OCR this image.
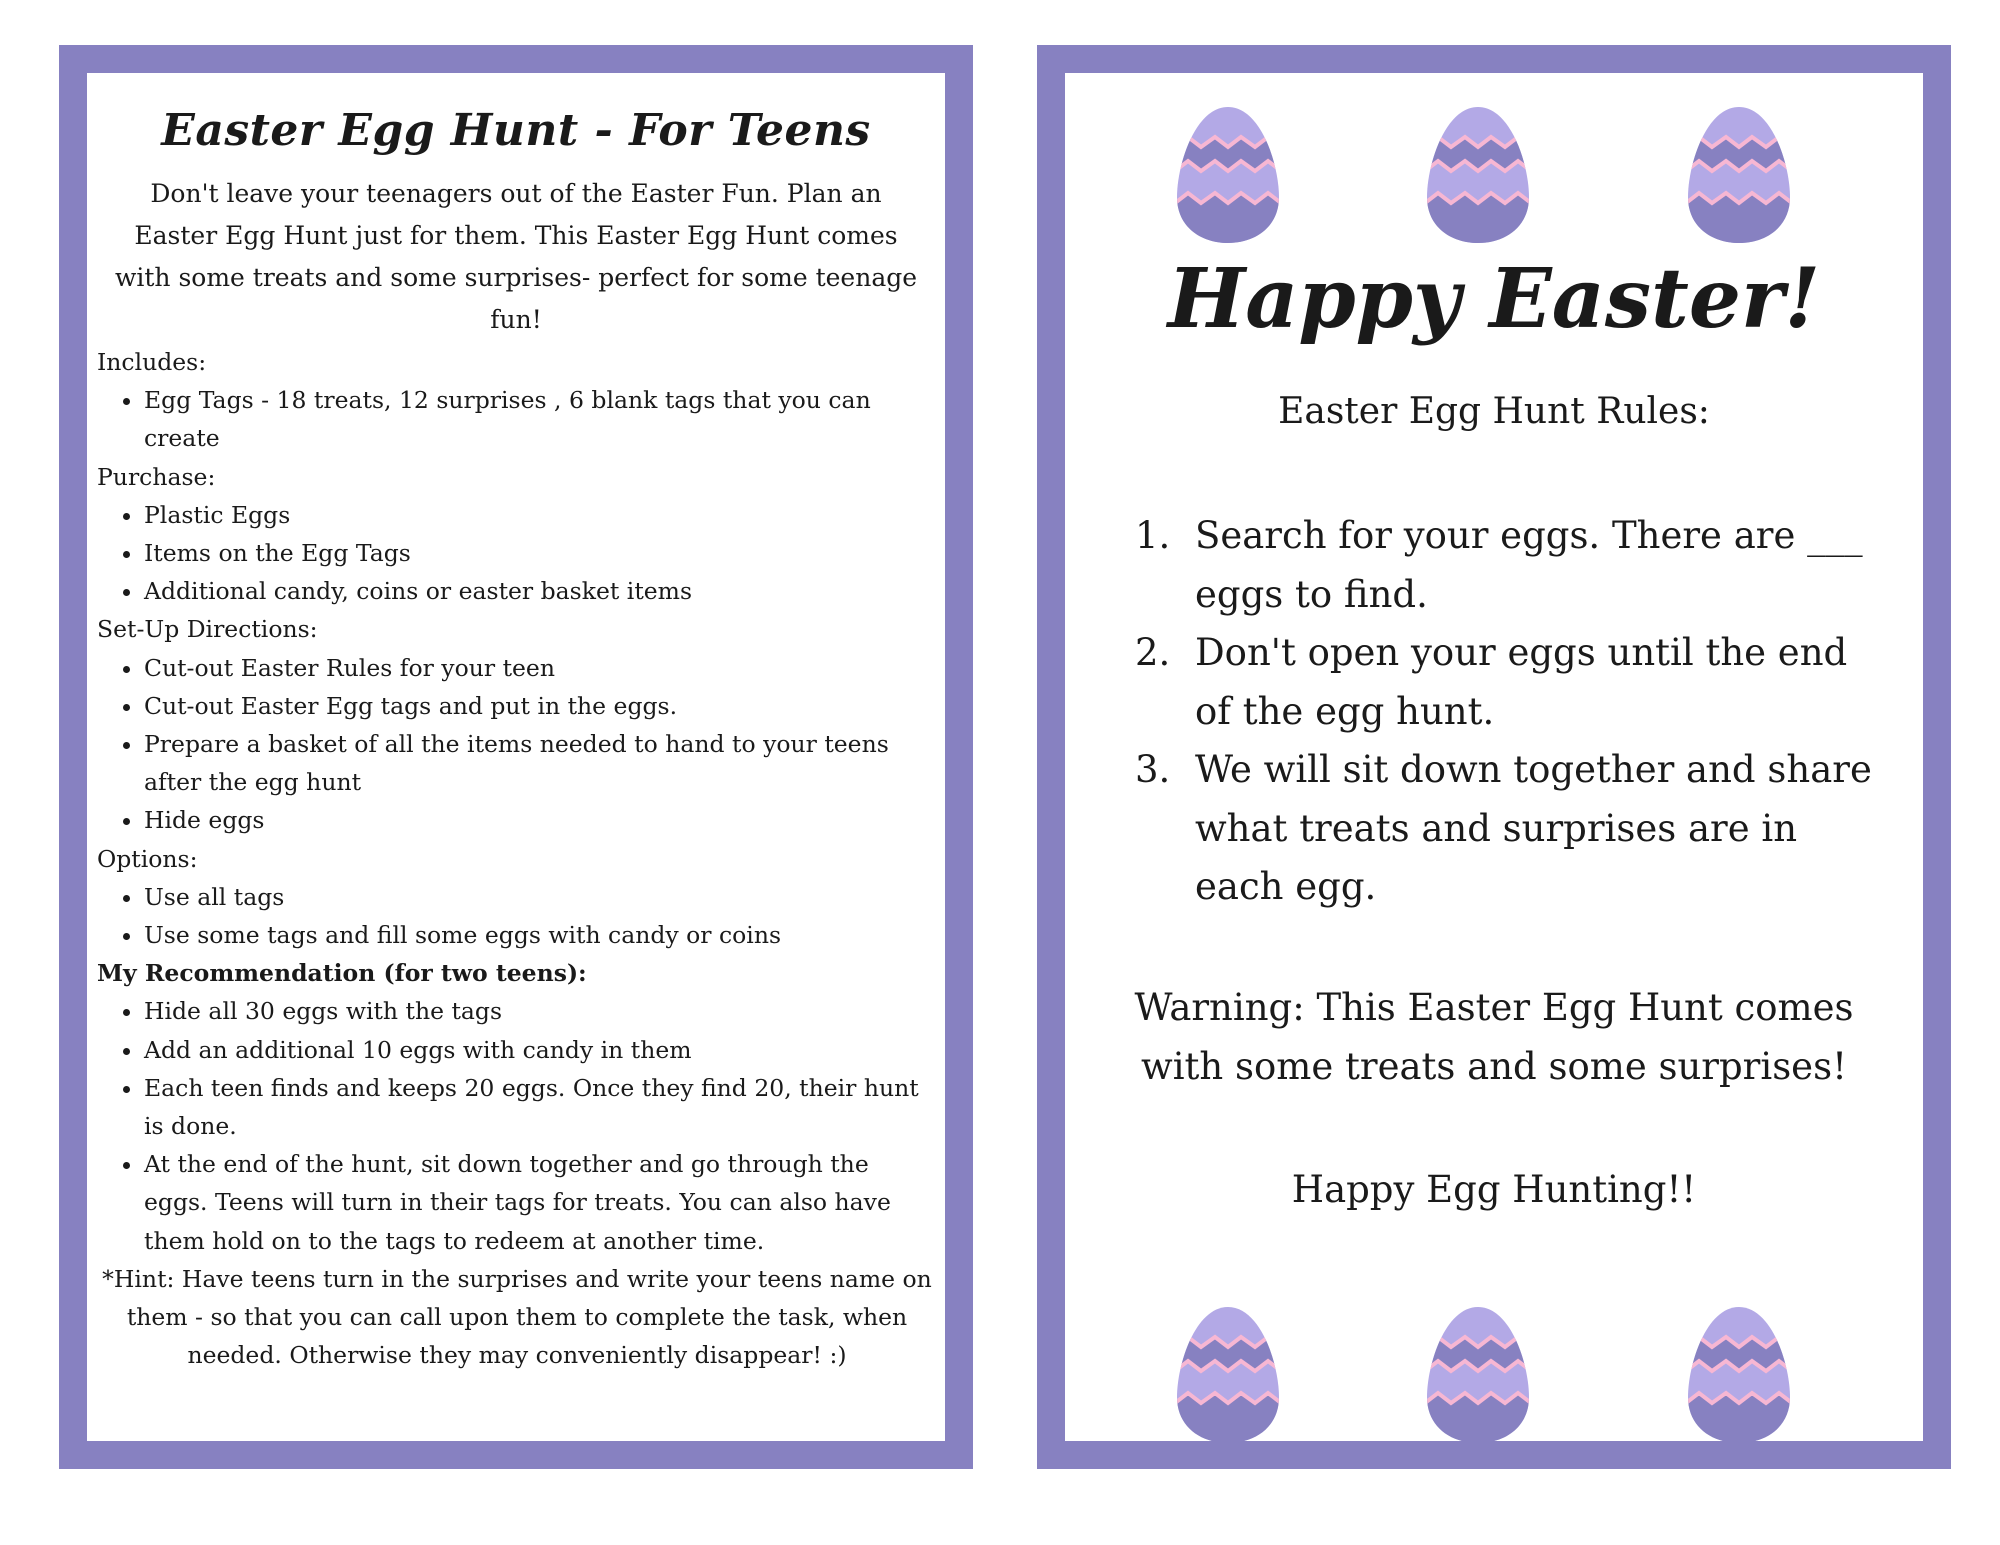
Easter Egg Hunt - For Teens
Don't leave your teenagers out of the Easter Fun. Plan an Easter Egg Hunt just for them. This Easter Egg Hunt comes with some treats and some surprises- perfect for some teenage fun!

Includes:

• Egg Tags - 18 treats, 12 surprises , 6 blank tags that you can create

Purchase:

• Plastic Eggs
• Items on the Egg Tags
• Additional candy, coins or easter basket items

Set-Up Directions:

• Cut-out Easter Rules for your teen
• Cut-out Easter Egg tags and put in the eggs.
• Prepare a basket of all the items needed to hand to your teens after the egg hunt
• Hide eggs

Options:

• Use all tags
• Use some tags and fill some eggs with candy or coins

My Recommendation (for two teens):

• Hide all 30 eggs with the tags
• Add an additional 10 eggs with candy in them
• Each teen finds and keeps 20 eggs. Once they find 20, their hunt is done.
• At the end of the hunt, sit down together and go through the eggs. Teens will turn in their tags for treats. You can also have them hold on to the tags to redeem at another time.

*Hint: Have teens turn in the surprises and write your teens name on them - so that you can call upon them to complete the task, when needed. Otherwise they may conveniently disappear! :)

Happy Easter!
Easter Egg Hunt Rules:
1. Search for your eggs. There are ___ eggs to find.
2. Don't open your eggs until the end of the egg hunt.
3. We will sit down together and share what treats and surprises are in each egg.
Warning: This Easter Egg Hunt comes with some treats and some surprises!
Happy Egg Hunting!!
